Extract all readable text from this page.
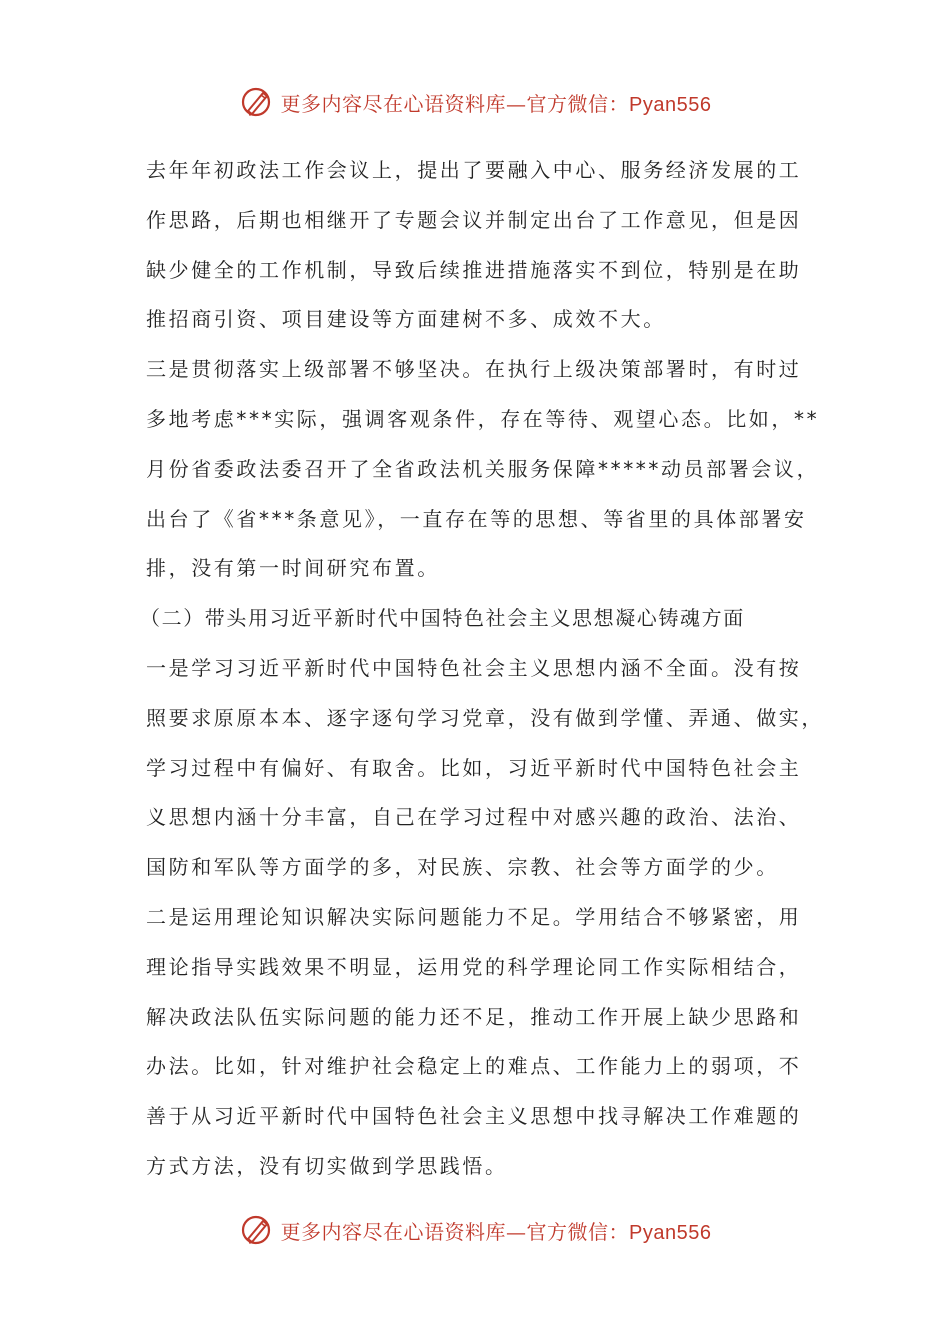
更多内容尽在心语资料库—官方微信：Pyan556
去年年初政法工作会议上，提出了要融入中心、服务经济发展的工
作思路，后期也相继开了专题会议并制定出台了工作意见，但是因
缺少健全的工作机制，导致后续推进措施落实不到位，特别是在助
推招商引资、项目建设等方面建树不多、成效不大。
三是贯彻落实上级部署不够坚决。在执行上级决策部署时，有时过
多地考虑***实际，强调客观条件，存在等待、观望心态。比如，**
月份省委政法委召开了全省政法机关服务保障*****动员部署会议，
出台了《省***条意见》，一直存在等的思想、等省里的具体部署安
排，没有第一时间研究布置。
（二）带头用习近平新时代中国特色社会主义思想凝心铸魂方面
一是学习习近平新时代中国特色社会主义思想内涵不全面。没有按
照要求原原本本、逐字逐句学习党章，没有做到学懂、弄通、做实，
学习过程中有偏好、有取舍。比如，习近平新时代中国特色社会主
义思想内涵十分丰富，自己在学习过程中对感兴趣的政治、法治、
国防和军队等方面学的多，对民族、宗教、社会等方面学的少。
二是运用理论知识解决实际问题能力不足。学用结合不够紧密，用
理论指导实践效果不明显，运用党的科学理论同工作实际相结合，
解决政法队伍实际问题的能力还不足，推动工作开展上缺少思路和
办法。比如，针对维护社会稳定上的难点、工作能力上的弱项，不
善于从习近平新时代中国特色社会主义思想中找寻解决工作难题的
方式方法，没有切实做到学思践悟。
更多内容尽在心语资料库—官方微信：Pyan556
